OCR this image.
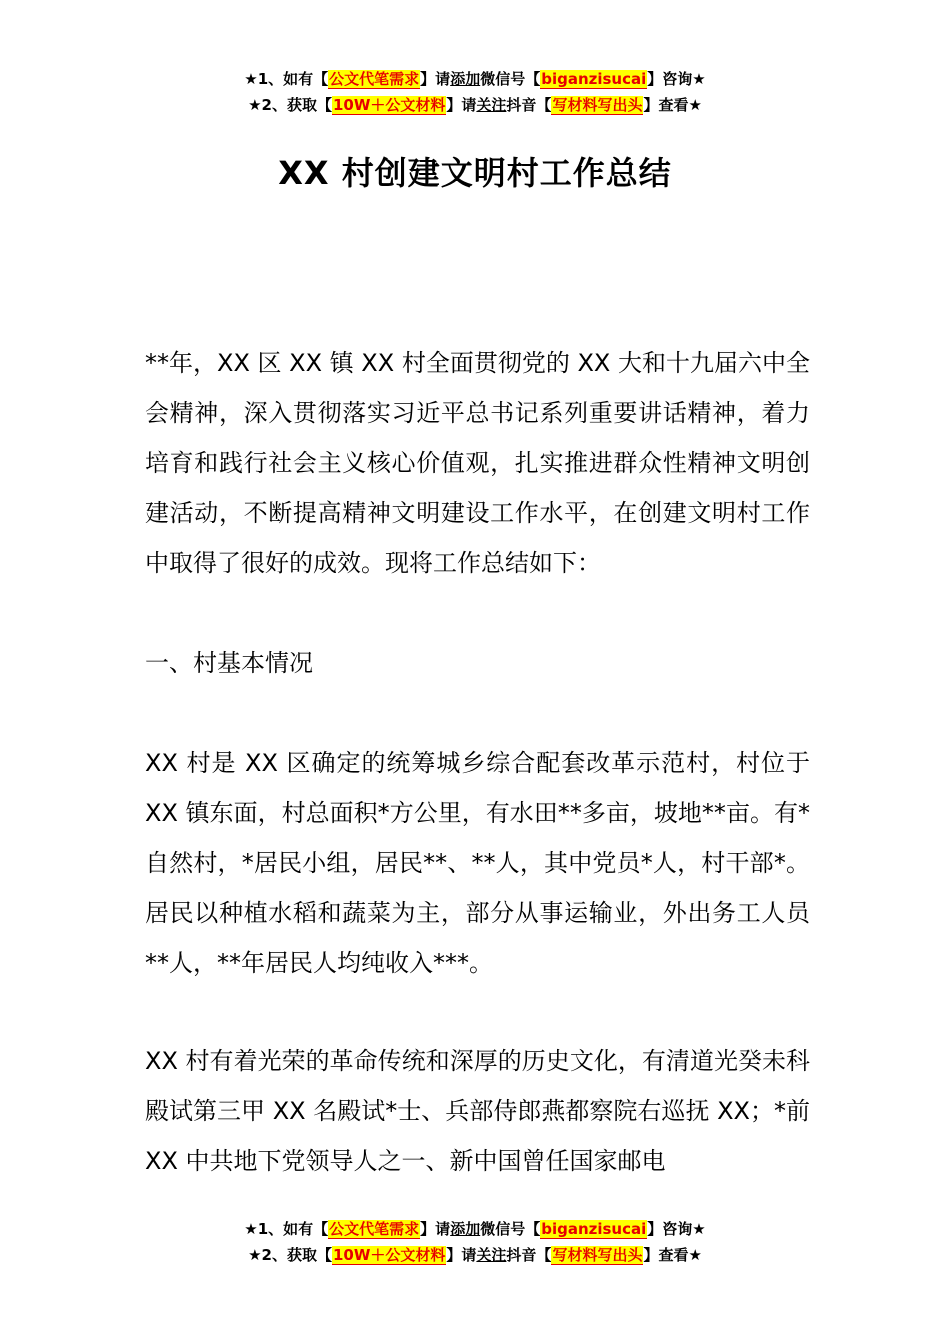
★1、如有【公文代笔需求】请添加微信号【biganzisucai】咨询★
★2、获取【10W＋公文材料】请关注抖音【写材料写出头】查看★
XX 村创建文明村工作总结

**年，XX 区 XX 镇 XX 村全面贯彻党的 XX 大和十九届六中全会精神，深入贯彻落实习近平总书记系列重要讲话精神，着力培育和践行社会主义核心价值观，扎实推进群众性精神文明创建活动，不断提高精神文明建设工作水平，在创建文明村工作中取得了很好的成效。现将工作总结如下：

一、村基本情况

XX 村是 XX 区确定的统筹城乡综合配套改革示范村，村位于 XX 镇东面，村总面积*方公里，有水田**多亩，坡地**亩。有*自然村，*居民小组，居民**、**人，其中党员*人，村干部*。居民以种植水稻和蔬菜为主，部分从事运输业，外出务工人员**人，**年居民人均纯收入***。

XX 村有着光荣的革命传统和深厚的历史文化，有清道光癸未科殿试第三甲 XX 名殿试*士、兵部侍郎燕都察院右巡抚 XX；*前 XX 中共地下党领导人之一、新中国曾任国家邮电

★1、如有【公文代笔需求】请添加微信号【biganzisucai】咨询★
★2、获取【10W＋公文材料】请关注抖音【写材料写出头】查看★
